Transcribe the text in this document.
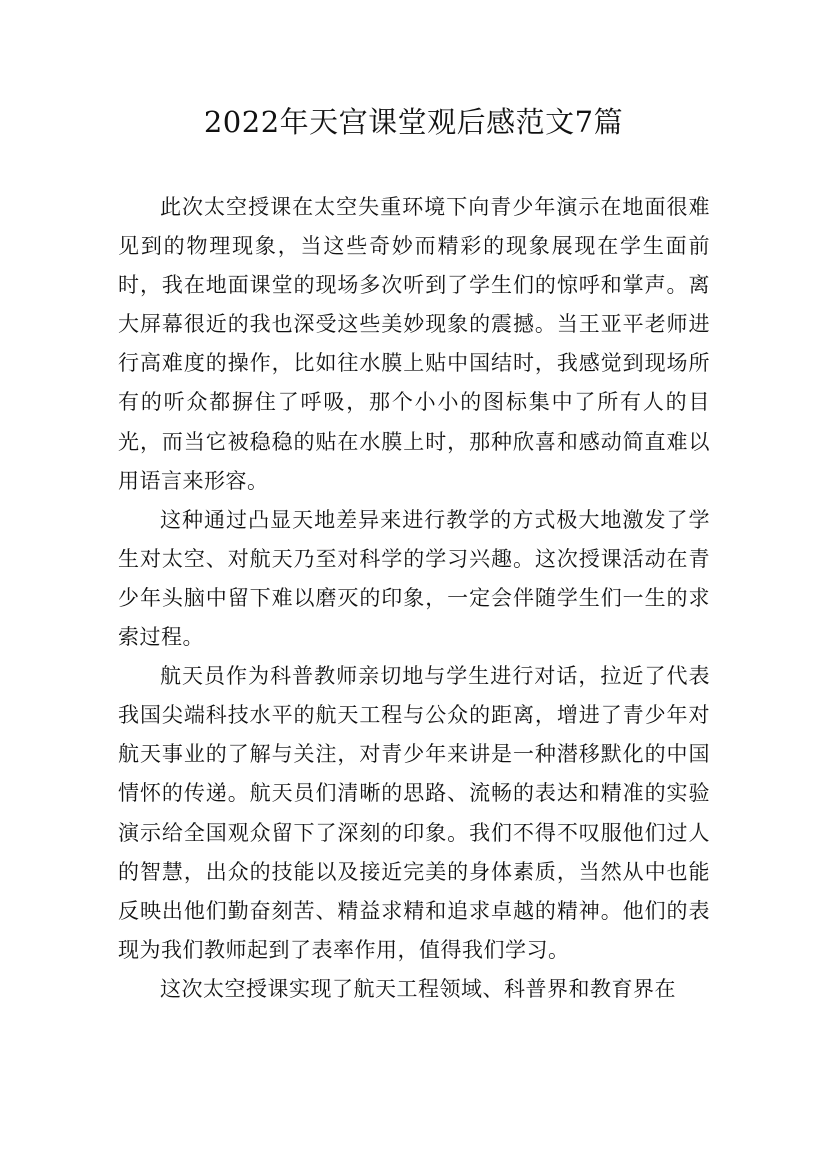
2022年天宫课堂观后感范文7篇

此次太空授课在太空失重环境下向青少年演示在地面很难见到的物理现象，当这些奇妙而精彩的现象展现在学生面前时，我在地面课堂的现场多次听到了学生们的惊呼和掌声。离大屏幕很近的我也深受这些美妙现象的震撼。当王亚平老师进行高难度的操作，比如往水膜上贴中国结时，我感觉到现场所有的听众都摒住了呼吸，那个小小的图标集中了所有人的目光，而当它被稳稳的贴在水膜上时，那种欣喜和感动简直难以用语言来形容。

这种通过凸显天地差异来进行教学的方式极大地激发了学生对太空、对航天乃至对科学的学习兴趣。这次授课活动在青少年头脑中留下难以磨灭的印象，一定会伴随学生们一生的求索过程。

航天员作为科普教师亲切地与学生进行对话，拉近了代表我国尖端科技水平的航天工程与公众的距离，增进了青少年对航天事业的了解与关注，对青少年来讲是一种潜移默化的中国情怀的传递。航天员们清晰的思路、流畅的表达和精准的实验演示给全国观众留下了深刻的印象。我们不得不叹服他们过人的智慧，出众的技能以及接近完美的身体素质，当然从中也能反映出他们勤奋刻苦、精益求精和追求卓越的精神。他们的表现为我们教师起到了表率作用，值得我们学习。

这次太空授课实现了航天工程领域、科普界和教育界在
